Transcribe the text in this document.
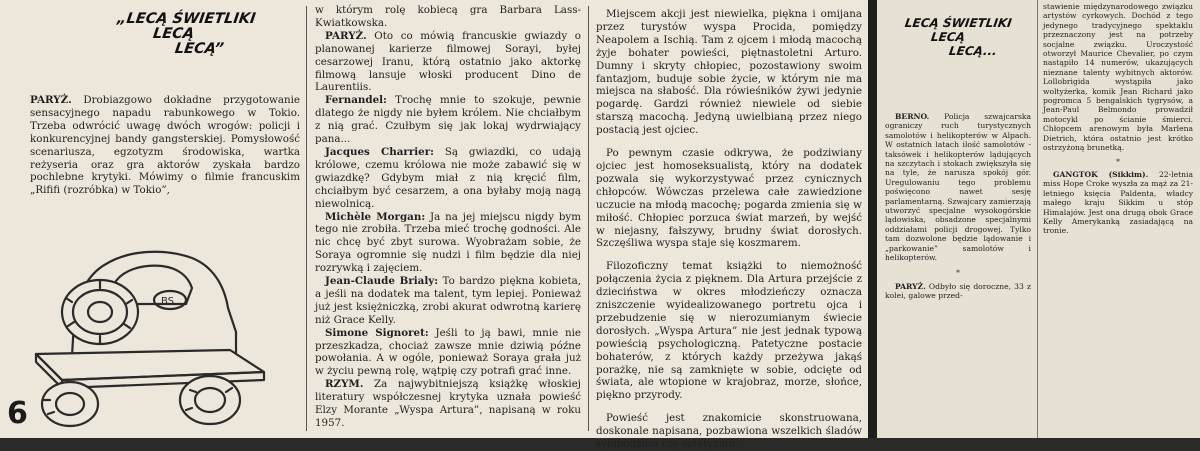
„LECĄ ŚWIETLIKI
LECĄ
LECĄ”

PARYŻ. Drobiazgowo dokładne przygotowanie sensacyjnego napadu rabunkowego w Tokio. Trzeba odwrócić uwagę dwóch wrogów: policji i konkurencyjnej bandy gangsterskiej. Pomysłowość scenariusza, egzotyzm środowiska, wartka reżyseria oraz gra aktorów zyskała bardzo pochlebne krytyki. Mówimy o filmie francuskim „Rififi (rozróbka) w Tokio”,

BS
6

w którym rolę kobiecą gra Barbara Lass-Kwiatkowska.

PARYŻ. Oto co mówią francuskie gwiazdy o planowanej karierze filmowej Sorayi, byłej cesarzowej Iranu, którą ostatnio jako aktorkę filmową lansuje włoski producent Dino de Laurentiis.

Fernandel: Trochę mnie to szokuje, pewnie dlatego że nigdy nie byłem królem. Nie chciałbym z nią grać. Czułbym się jak lokaj wydrwiający pana...

Jacques Charrier: Są gwiazdki, co udają królowe, czemu królowa nie może zabawić się w gwiazdkę? Gdybym miał z nią kręcić film, chciałbym być cesarzem, a ona byłaby moją nagą niewolnicą.

Michèle Morgan: Ja na jej miejscu nigdy bym tego nie zrobiła. Trzeba mieć trochę godności. Ale nic chcę być zbyt surowa. Wyobrażam sobie, że Soraya ogromnie się nudzi i film będzie dla niej rozrywką i zajęciem.

Jean-Claude Brialy: To bardzo piękna kobieta, a jeśli na dodatek ma talent, tym lepiej. Ponieważ już jest księżniczką, zrobi akurat odwrotną karierę niż Grace Kelly.

Simone Signoret: Jeśli to ją bawi, mnie nie przeszkadza, chociaż zawsze mnie dziwią późne powołania. A w ogóle, ponieważ Soraya grała już w życiu pewną rolę, wątpię czy potrafi grać inne.

RZYM. Za najwybitniejszą książkę włoskiej literatury współczesnej krytyka uznała powieść Elzy Morante „Wyspa Artura”, napisaną w roku 1957.

Miejscem akcji jest niewielka, piękna i omijana przez turystów wyspa Procida, pomiędzy Neapolem a Ischią. Tam z ojcem i młodą macochą żyje bohater powieści, piętnastoletni Arturo. Dumny i skryty chłopiec, pozostawiony swoim fantazjom, buduje sobie życie, w którym nie ma miejsca na słabość. Dla rówieśników żywi jedynie pogardę. Gardzi również niewiele od siebie starszą macochą. Jedyną uwielbianą przez niego postacią jest ojciec.

Po pewnym czasie odkrywa, że podziwiany ojciec jest homoseksualistą, który na dodatek pozwala się wykorzystywać przez cynicznych chłopców. Wówczas przelewa całe zawiedzione uczucie na młodą macochę; pogarda zmienia się w miłość. Chłopiec porzuca świat marzeń, by wejść w niejasny, fałszywy, brudny świat dorosłych. Szczęśliwa wyspa staje się koszmarem.

Filozoficzny temat książki to niemożność połączenia życia z pięknem. Dla Artura przejście z dzieciństwa w okres młodzieńczy oznacza zniszczenie wyidealizowanego portretu ojca i przebudzenie się w nierozumianym świecie dorosłych. „Wyspa Artura” nie jest jednak typową powieścią psychologiczną. Patetyczne postacie bohaterów, z których każdy przeżywa jakąś porażkę, nie są zamknięte w sobie, odcięte od świata, ale wtopione w krajobraz, morze, słońce, piękno przyrody.

Powieść jest znakomicie skonstruowana, doskonale napisana, pozbawiona wszelkich śladów symbolizmu czy estetyzmu.

LECĄ ŚWIETLIKI
LECĄ
LECĄ...

BERNO. Policja szwajcarska ograniczy ruch turystycznych samolotów i helikopterów w Alpach. W ostatnich latach ilość samolotów - taksówek i helikopterów lądujących na szczytach i stokach zwiększyła się na tyle, że narusza spokój gór. Uregulowaniu tego problemu poświęcono nawet sesję parlamentarną. Szwajcary zamierzają utworzyć specjalne wysokogórskie lądowiska, obsadzone specjalnymi oddziałami policji drogowej. Tylko tam dozwolone będzie lądowanie i „parkowanie” samolotów i helikopterów.

*

PARYŻ. Odbyło się doroczne, 33 z kolei, galowe przed-

stawienie międzynarodowego związku artystów cyrkowych. Dochód z tego jedynego tradycyjnego spektaklu przeznaczony jest na potrzeby socjalne związku. Uroczystość otworzył Maurice Chevalier, po czym nastąpiło 14 numerów, ukazujących nieznane talenty wybitnych aktorów. Lollobrigida wystąpiła jako woltyżerka, komik Jean Richard jako pogromca 5 bengalskich tygrysów, a Jean-Paul Belmondo prowadził motocykl po ścianie śmierci. Chłopcem arenowym była Marlena Dietrich, która ostatnio jest krótko ostrzyżoną brunetką.

*

GANGTOK (Sikkim). 22-letnia miss Hope Croke wyszła za mąż za 21-letniego księcia Paldenta, władcy małego kraju Sikkim u stóp Himalajów. Jest ona drugą obok Grace Kelly Amerykanką zasiadającą na tronie.
